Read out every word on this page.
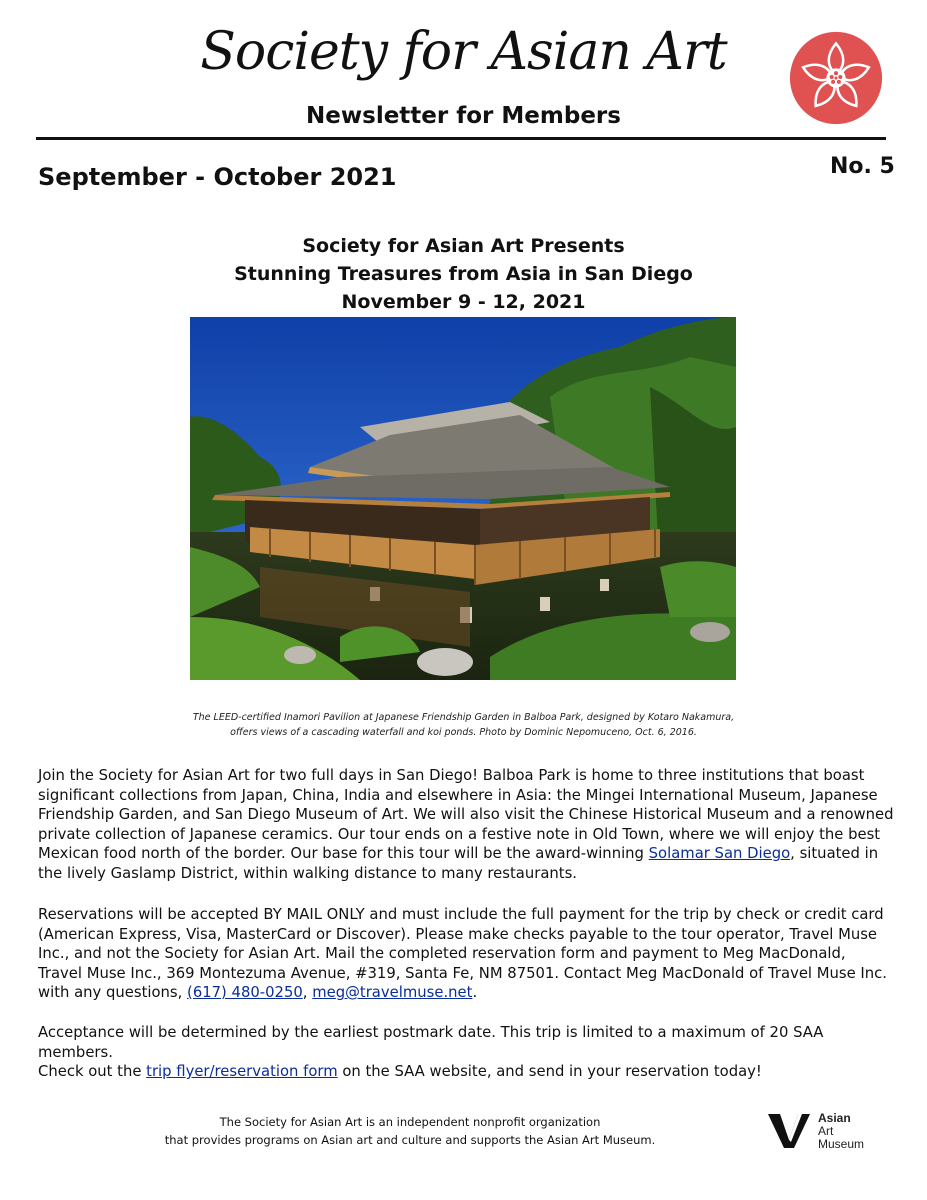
Society for Asian Art
Newsletter for Members
September - October 2021	No. 5
Society for Asian Art Presents
Stunning Treasures from Asia in San Diego
November 9 - 12, 2021
The LEED-certified Inamori Pavilion at Japanese Friendship Garden in Balboa Park, designed by Kotaro Nakamura,
offers views of a cascading waterfall and koi ponds. Photo by Dominic Nepomuceno, Oct. 6, 2016.
Join the Society for Asian Art for two full days in San Diego! Balboa Park is home to three institutions that boast significant collections from Japan, China, India and elsewhere in Asia: the Mingei International Museum, Japanese Friendship Garden, and San Diego Museum of Art. We will also visit the Chinese Historical Museum and a renowned private collection of Japanese ceramics. Our tour ends on a festive note in Old Town, where we will enjoy the best Mexican food north of the border. Our base for this tour will be the award-winning Solamar San Diego, situated in the lively Gaslamp District, within walking distance to many restaurants.
Reservations will be accepted BY MAIL ONLY and must include the full payment for the trip by check or credit card (American Express, Visa, MasterCard or Discover). Please make checks payable to the tour operator, Travel Muse Inc., and not the Society for Asian Art. Mail the completed reservation form and payment to Meg MacDonald, Travel Muse Inc., 369 Montezuma Avenue, #319, Santa Fe, NM 87501. Contact Meg MacDonald of Travel Muse Inc. with any questions, (617) 480-0250, meg@travelmuse.net.
Acceptance will be determined by the earliest postmark date. This trip is limited to a maximum of 20 SAA members.
Check out the trip flyer/reservation form on the SAA website, and send in your reservation today!
The Society for Asian Art is an independent nonprofit organization
that provides programs on Asian art and culture and supports the Asian Art Museum.
Asian
Art
Museum
